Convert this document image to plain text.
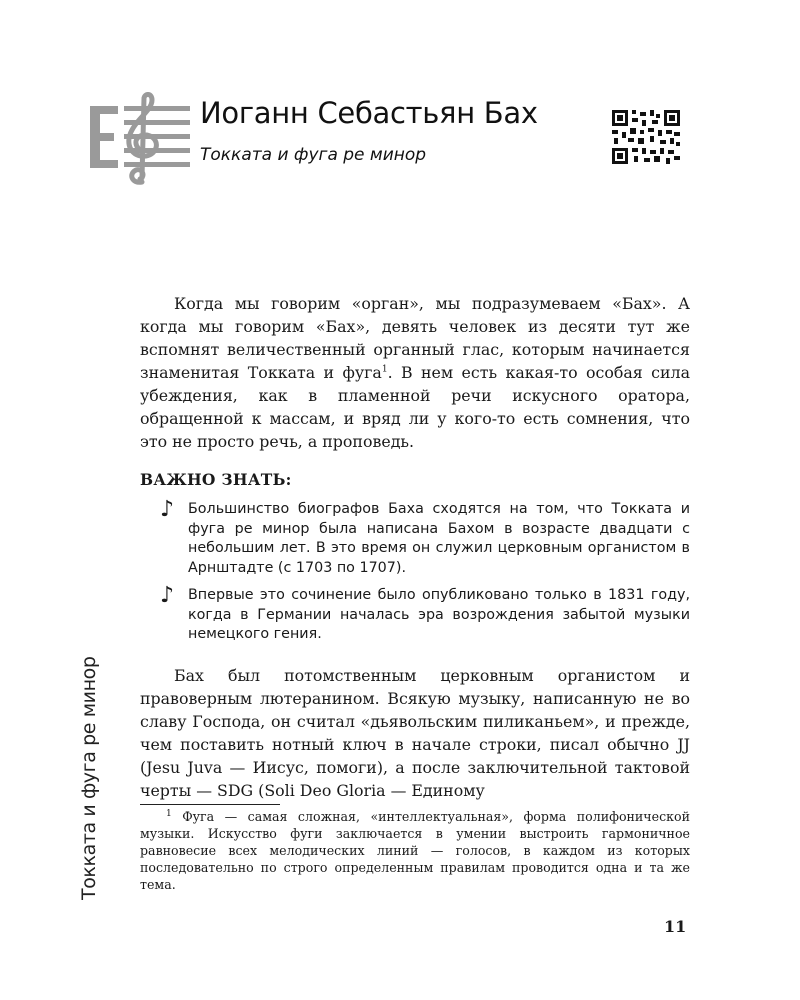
Иоганн Себастьян Бах
Токката и фуга ре минор

Когда мы говорим «орган», мы подразумеваем «Бах». А когда мы говорим «Бах», девять человек из десяти тут же вспомнят величественный органный глас, которым начинается знаменитая Токката и фуга$^1$. В нем есть какая-то особая сила убеждения, как в пламенной речи искусного оратора, обращенной к массам, и вряд ли у кого-то есть сомнения, что это не просто речь, а проповедь.

ВАЖНО ЗНАТЬ:
♪ Большинство биографов Баха сходятся на том, что Токката и фуга ре минор была написана Бахом в возрасте двадцати с небольшим лет. В это время он служил церковным органистом в Арнштадте (с 1703 по 1707).
♪ Впервые это сочинение было опубликовано только в 1831 году, когда в Германии началась эра возрождения забытой музыки немецкого гения.

Бах был потомственным церковным органистом и правоверным лютеранином. Всякую музыку, написанную не во славу Господа, он считал «дьявольским пиликаньем», и прежде, чем поставить нотный ключ в начале строки, писал обычно JJ (Jesu Juva — Иисус, помоги), а после заключительной тактовой черты — SDG (Soli Deo Gloria — Единому

$^1$ Фуга — самая сложная, «интеллектуальная», форма полифонической музыки. Искусство фуги заключается в умении выстроить гармоничное равновесие всех мелодических линий — голосов, в каждом из которых последовательно по строго определенным правилам проводится одна и та же тема.

Токката и фуга ре минор
11
